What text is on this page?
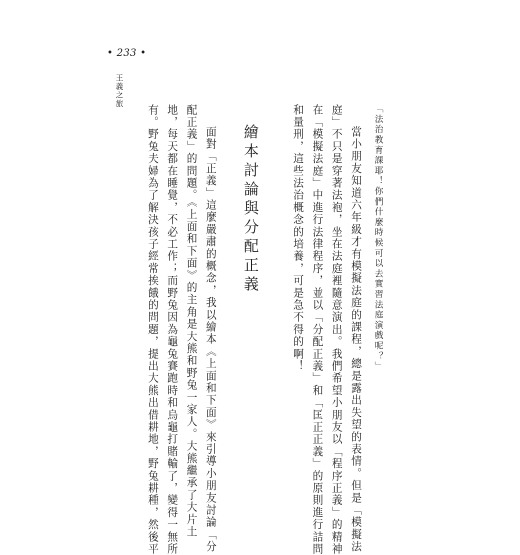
• 233 •
王義之旅
「法治教育課耶！你們什麼時候可以去實習法庭演戲呢？」
當小朋友知道六年級才有模擬法庭的課程，總是露出失望的表情。但是「模擬法
庭」不只是穿著法袍，坐在法庭裡隨意演出。我們希望小朋友以「程序正義」的精神
在「模擬法庭」中進行法律程序，並以「分配正義」和「匡正正義」的原則進行詰問
和量刑，這些法治概念的培養，可是急不得的啊！
繪本討論與分配正義
面對「正義」這麼嚴肅的概念，我以繪本《上面和下面》來引導小朋友討論「分
配正義」的問題。《上面和下面》的主角是大熊和野兔一家人。大熊繼承了大片土
地，每天都在睡覺，不必工作；而野兔因為龜兔賽跑時和烏龜打賭輸了，變得一無所
有。野兔夫婦為了解決孩子經常挨餓的問題，提出大熊出借耕地，野兔耕種，然後平
